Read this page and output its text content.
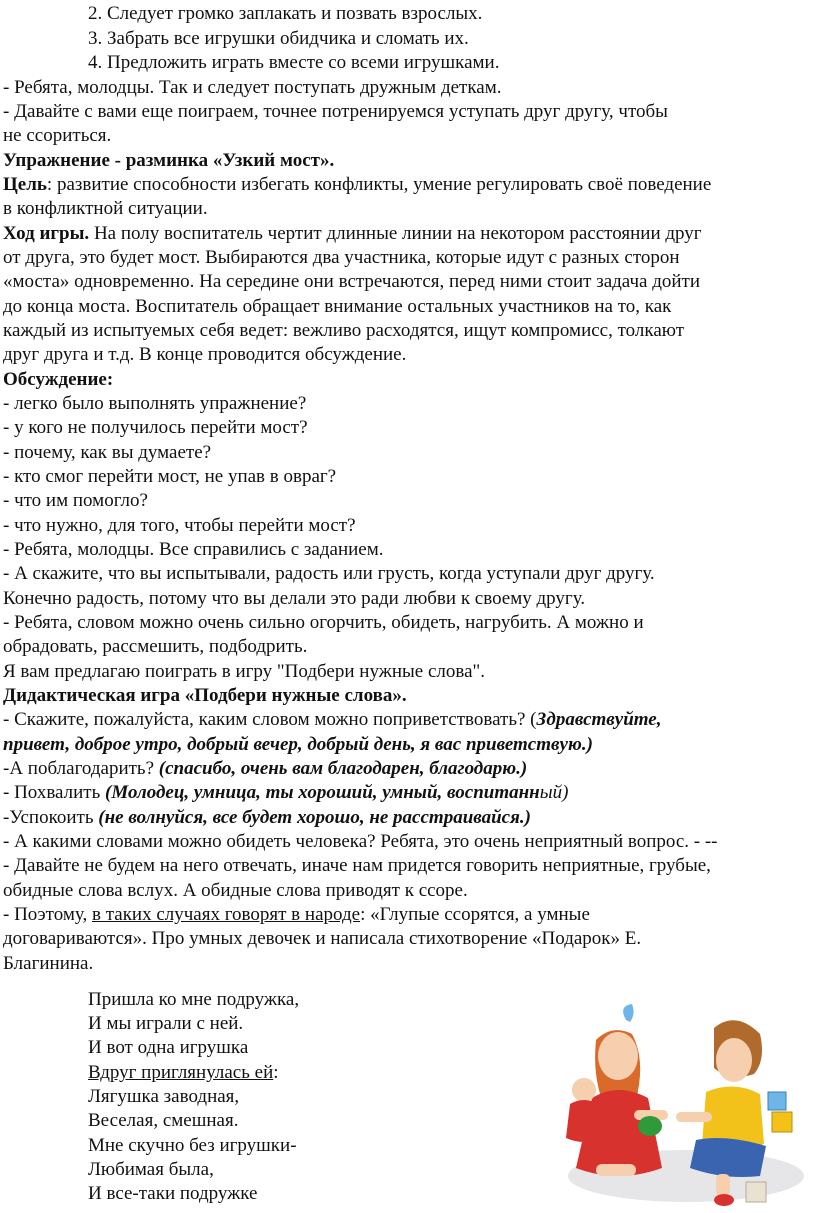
2. Следует громко заплакать и позвать взрослых.
3. Забрать все игрушки обидчика и сломать их.
4. Предложить играть вместе со всеми игрушками.
- Ребята, молодцы. Так и следует поступать дружным деткам.
- Давайте с вами еще поиграем, точнее потренируемся уступать друг другу, чтобы
не ссориться.
Упражнение - разминка «Узкий мост».
Цель: развитие способности избегать конфликты, умение регулировать своё поведение
в конфликтной ситуации.
Ход игры. На полу воспитатель чертит длинные линии на некотором расстоянии друг
от друга, это будет мост. Выбираются два участника, которые идут с разных сторон
«моста» одновременно. На середине они встречаются, перед ними стоит задача дойти
до конца моста. Воспитатель обращает внимание остальных участников на то, как
каждый из испытуемых себя ведет: вежливо расходятся, ищут компромисс, толкают
друг друга и т.д. В конце проводится обсуждение.
Обсуждение:
- легко было выполнять упражнение?
- у кого не получилось перейти мост?
- почему, как вы думаете?
- кто смог перейти мост, не упав в овраг?
- что им помогло?
- что нужно, для того, чтобы перейти мост?
- Ребята, молодцы. Все справились с заданием.
- А скажите, что вы испытывали, радость или грусть, когда уступали друг другу.
Конечно радость, потому что вы делали это ради любви к своему другу.
- Ребята, словом можно очень сильно огорчить, обидеть, нагрубить. А можно и
обрадовать, рассмешить, подбодрить.
Я вам предлагаю поиграть в игру "Подбери нужные слова".
Дидактическая игра «Подбери нужные слова».
- Скажите, пожалуйста, каким словом можно поприветствовать? (Здравствуйте,
привет, доброе утро, добрый вечер, добрый день, я вас приветствую.)
-А поблагодарить? (спасибо, очень вам благодарен, благодарю.)
- Похвалить (Молодец, умница, ты хороший, умный, воспитанный)
-Успокоить (не волнуйся, все будет хорошо, не расстраивайся.)
- А какими словами можно обидеть человека? Ребята, это очень неприятный вопрос. - --
- Давайте не будем на него отвечать, иначе нам придется говорить неприятные, грубые,
обидные слова вслух. А обидные слова приводят к ссоре.
- Поэтому, в таких случаях говорят в народе: «Глупые ссорятся, а умные
договариваются». Про умных девочек и написала стихотворение «Подарок» Е.
Благинина.
Пришла ко мне подружка,
И мы играли с ней.
И вот одна игрушка
Вдруг приглянулась ей:
Лягушка заводная,
Веселая, смешная.
Мне скучно без игрушки-
Любимая была,
И все-таки подружке
